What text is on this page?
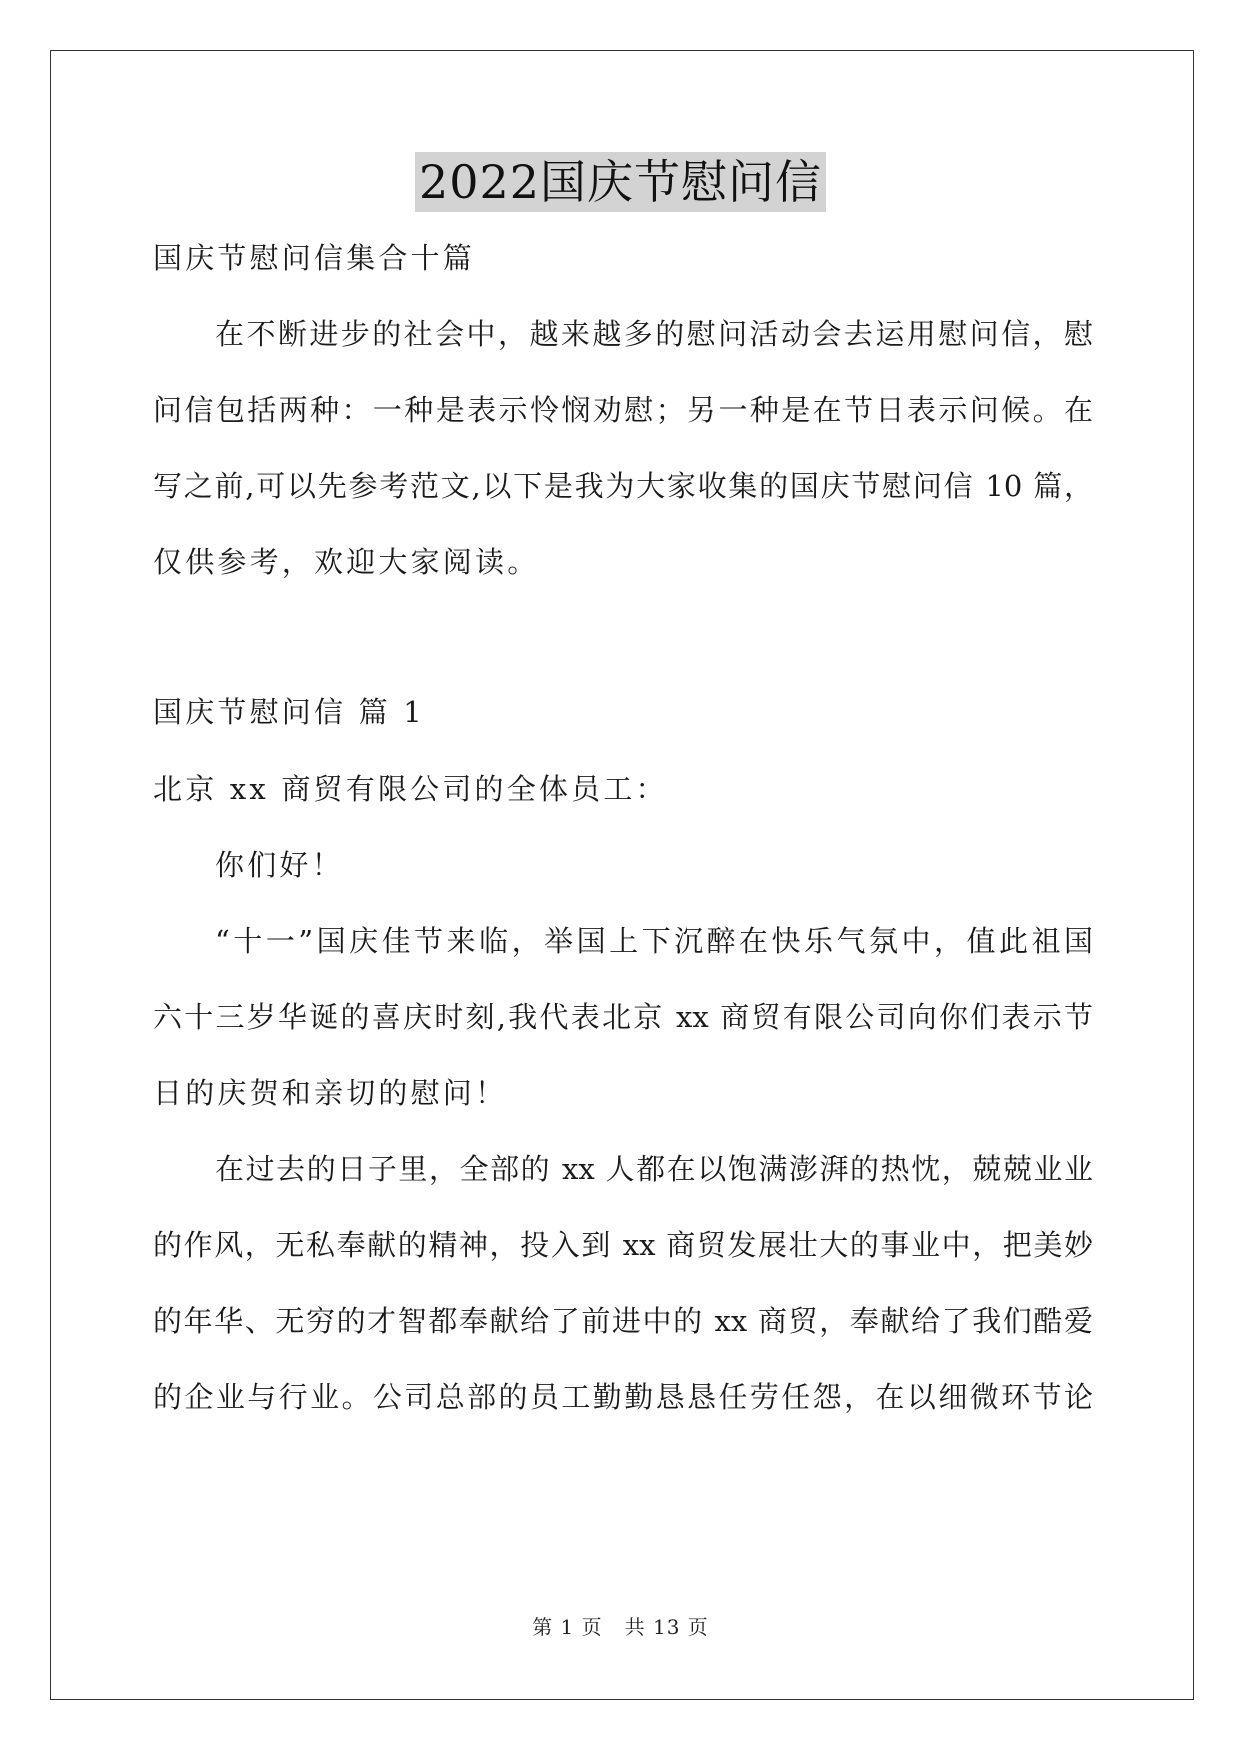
2022国庆节慰问信

国庆节慰问信集合十篇

在不断进步的社会中，越来越多的慰问活动会去运用慰问信，慰

问信包括两种：一种是表示怜悯劝慰；另一种是在节日表示问候。在

写之前,可以先参考范文,以下是我为大家收集的国庆节慰问信 10 篇，

仅供参考，欢迎大家阅读。

国庆节慰问信 篇 1

北京 xx 商贸有限公司的全体员工：

你们好！

“十一”国庆佳节来临，举国上下沉醉在快乐气氛中，值此祖国

六十三岁华诞的喜庆时刻,我代表北京 xx 商贸有限公司向你们表示节

日的庆贺和亲切的慰问！

在过去的日子里，全部的 xx 人都在以饱满澎湃的热忱，兢兢业业

的作风，无私奉献的精神，投入到 xx 商贸发展壮大的事业中，把美妙

的年华、无穷的才智都奉献给了前进中的 xx 商贸，奉献给了我们酷爱

的企业与行业。公司总部的员工勤勤恳恳任劳任怨，在以细微环节论

第 1 页 共 13 页
